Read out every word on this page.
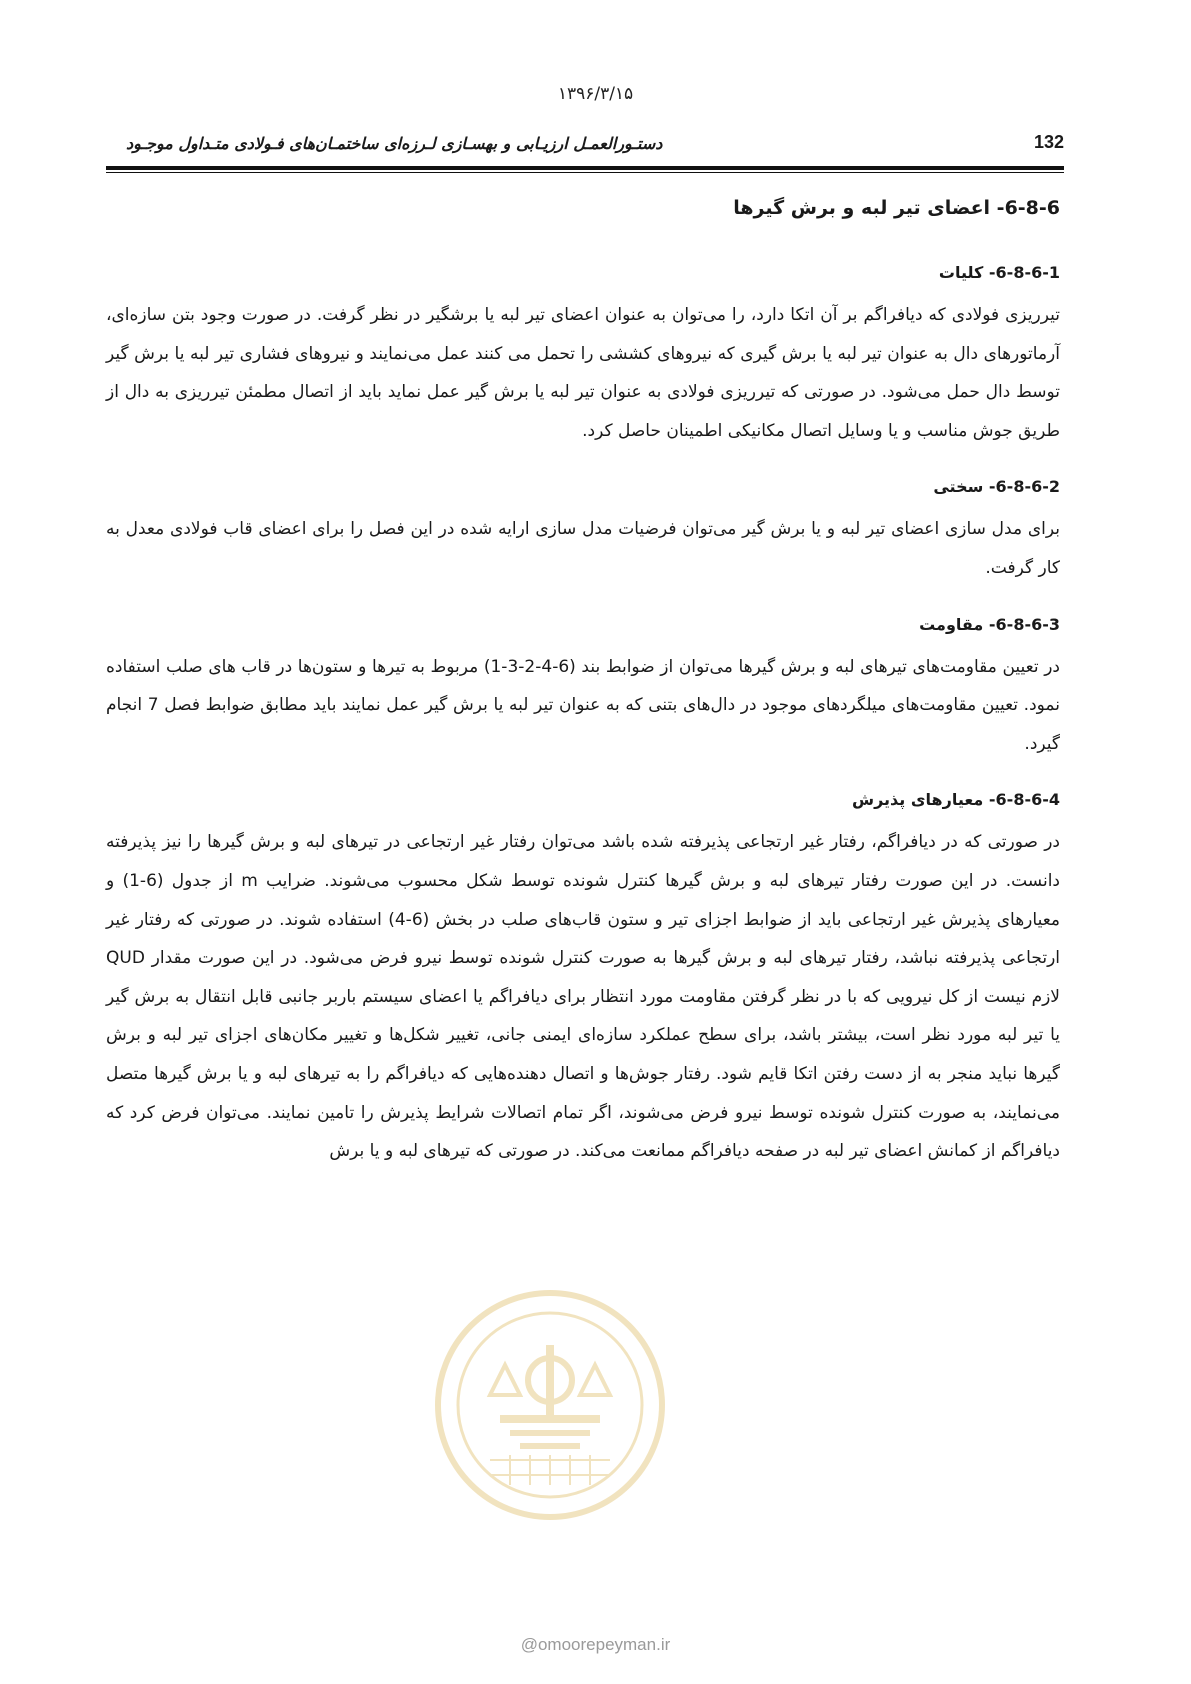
۱۳۹۶/۳/۱۵
132
دستـورالعمـل ارزیـابی و بهسـازی لـرزه‌ای ساختمـان‌های فـولادی متـداول موجـود
6-8-6- اعضای تیر لبه و برش گیرها
6-8-6-1- کلیات

تیرریزی فولادی که دیافراگم بر آن اتکا دارد، را می‌توان به عنوان اعضای تیر لبه یا برشگیر در نظر گرفت. در صورت وجود بتن سازه‌ای، آرماتورهای دال به عنوان تیر لبه یا برش گیری که نیروهای کششی را تحمل می کنند عمل می‌نمایند و نیروهای فشاری تیر لبه یا برش گیر توسط دال حمل می‌شود. در صورتی که تیرریزی فولادی به عنوان تیر لبه یا برش گیر عمل نماید باید از اتصال مطمئن تیرریزی به دال از طریق جوش مناسب و یا وسایل اتصال مکانیکی اطمینان حاصل کرد.

6-8-6-2- سختی

برای مدل سازی اعضای تیر لبه و یا برش گیر می‌توان فرضیات مدل سازی ارایه شده در این فصل را برای اعضای قاب فولادی معدل به کار گرفت.

6-8-6-3- مقاومت

در تعیین مقاومت‌های تیرهای لبه و برش گیرها می‌توان از ضوابط بند (6-4-2-3-1) مربوط به تیرها و ستون‌ها در قاب های صلب استفاده نمود. تعیین مقاومت‌های میلگردهای موجود در دال‌های بتنی که به عنوان تیر لبه یا برش گیر عمل نمایند باید مطابق ضوابط فصل 7 انجام گیرد.

6-8-6-4- معیارهای پذیرش

در صورتی که در دیافراگم، رفتار غیر ارتجاعی پذیرفته شده باشد می‌توان رفتار غیر ارتجاعی در تیرهای لبه و برش گیرها را نیز پذیرفته دانست. در این صورت رفتار تیرهای لبه و برش گیرها کنترل شونده توسط شکل محسوب می‌شوند. ضرایب m از جدول (6-1) و معیارهای پذیرش غیر ارتجاعی باید از ضوابط اجزای تیر و ستون قاب‌های صلب در بخش (6-4) استفاده شوند. در صورتی که رفتار غیر ارتجاعی پذیرفته نباشد، رفتار تیرهای لبه و برش گیرها به صورت کنترل شونده توسط نیرو فرض می‌شود. در این صورت مقدار QUD لازم نیست از کل نیرویی که با در نظر گرفتن مقاومت مورد انتظار برای دیافراگم یا اعضای سیستم باربر جانبی قابل انتقال به برش گیر یا تیر لبه مورد نظر است، بیشتر باشد، برای سطح عملکرد سازه‌ای ایمنی جانی، تغییر شکل‌ها و تغییر مکان‌های اجزای تیر لبه و برش گیرها نباید منجر به از دست رفتن اتکا قایم شود. رفتار جوش‌ها و اتصال دهنده‌هایی که دیافراگم را به تیرهای لبه و یا برش گیرها متصل می‌نمایند، به صورت کنترل شونده توسط نیرو فرض می‌شوند، اگر تمام اتصالات شرایط پذیرش را تامین نمایند. می‌توان فرض کرد که دیافراگم از کمانش اعضای تیر لبه در صفحه دیافراگم ممانعت می‌کند. در صورتی که تیرهای لبه و یا برش

@omoorepeyman.ir
